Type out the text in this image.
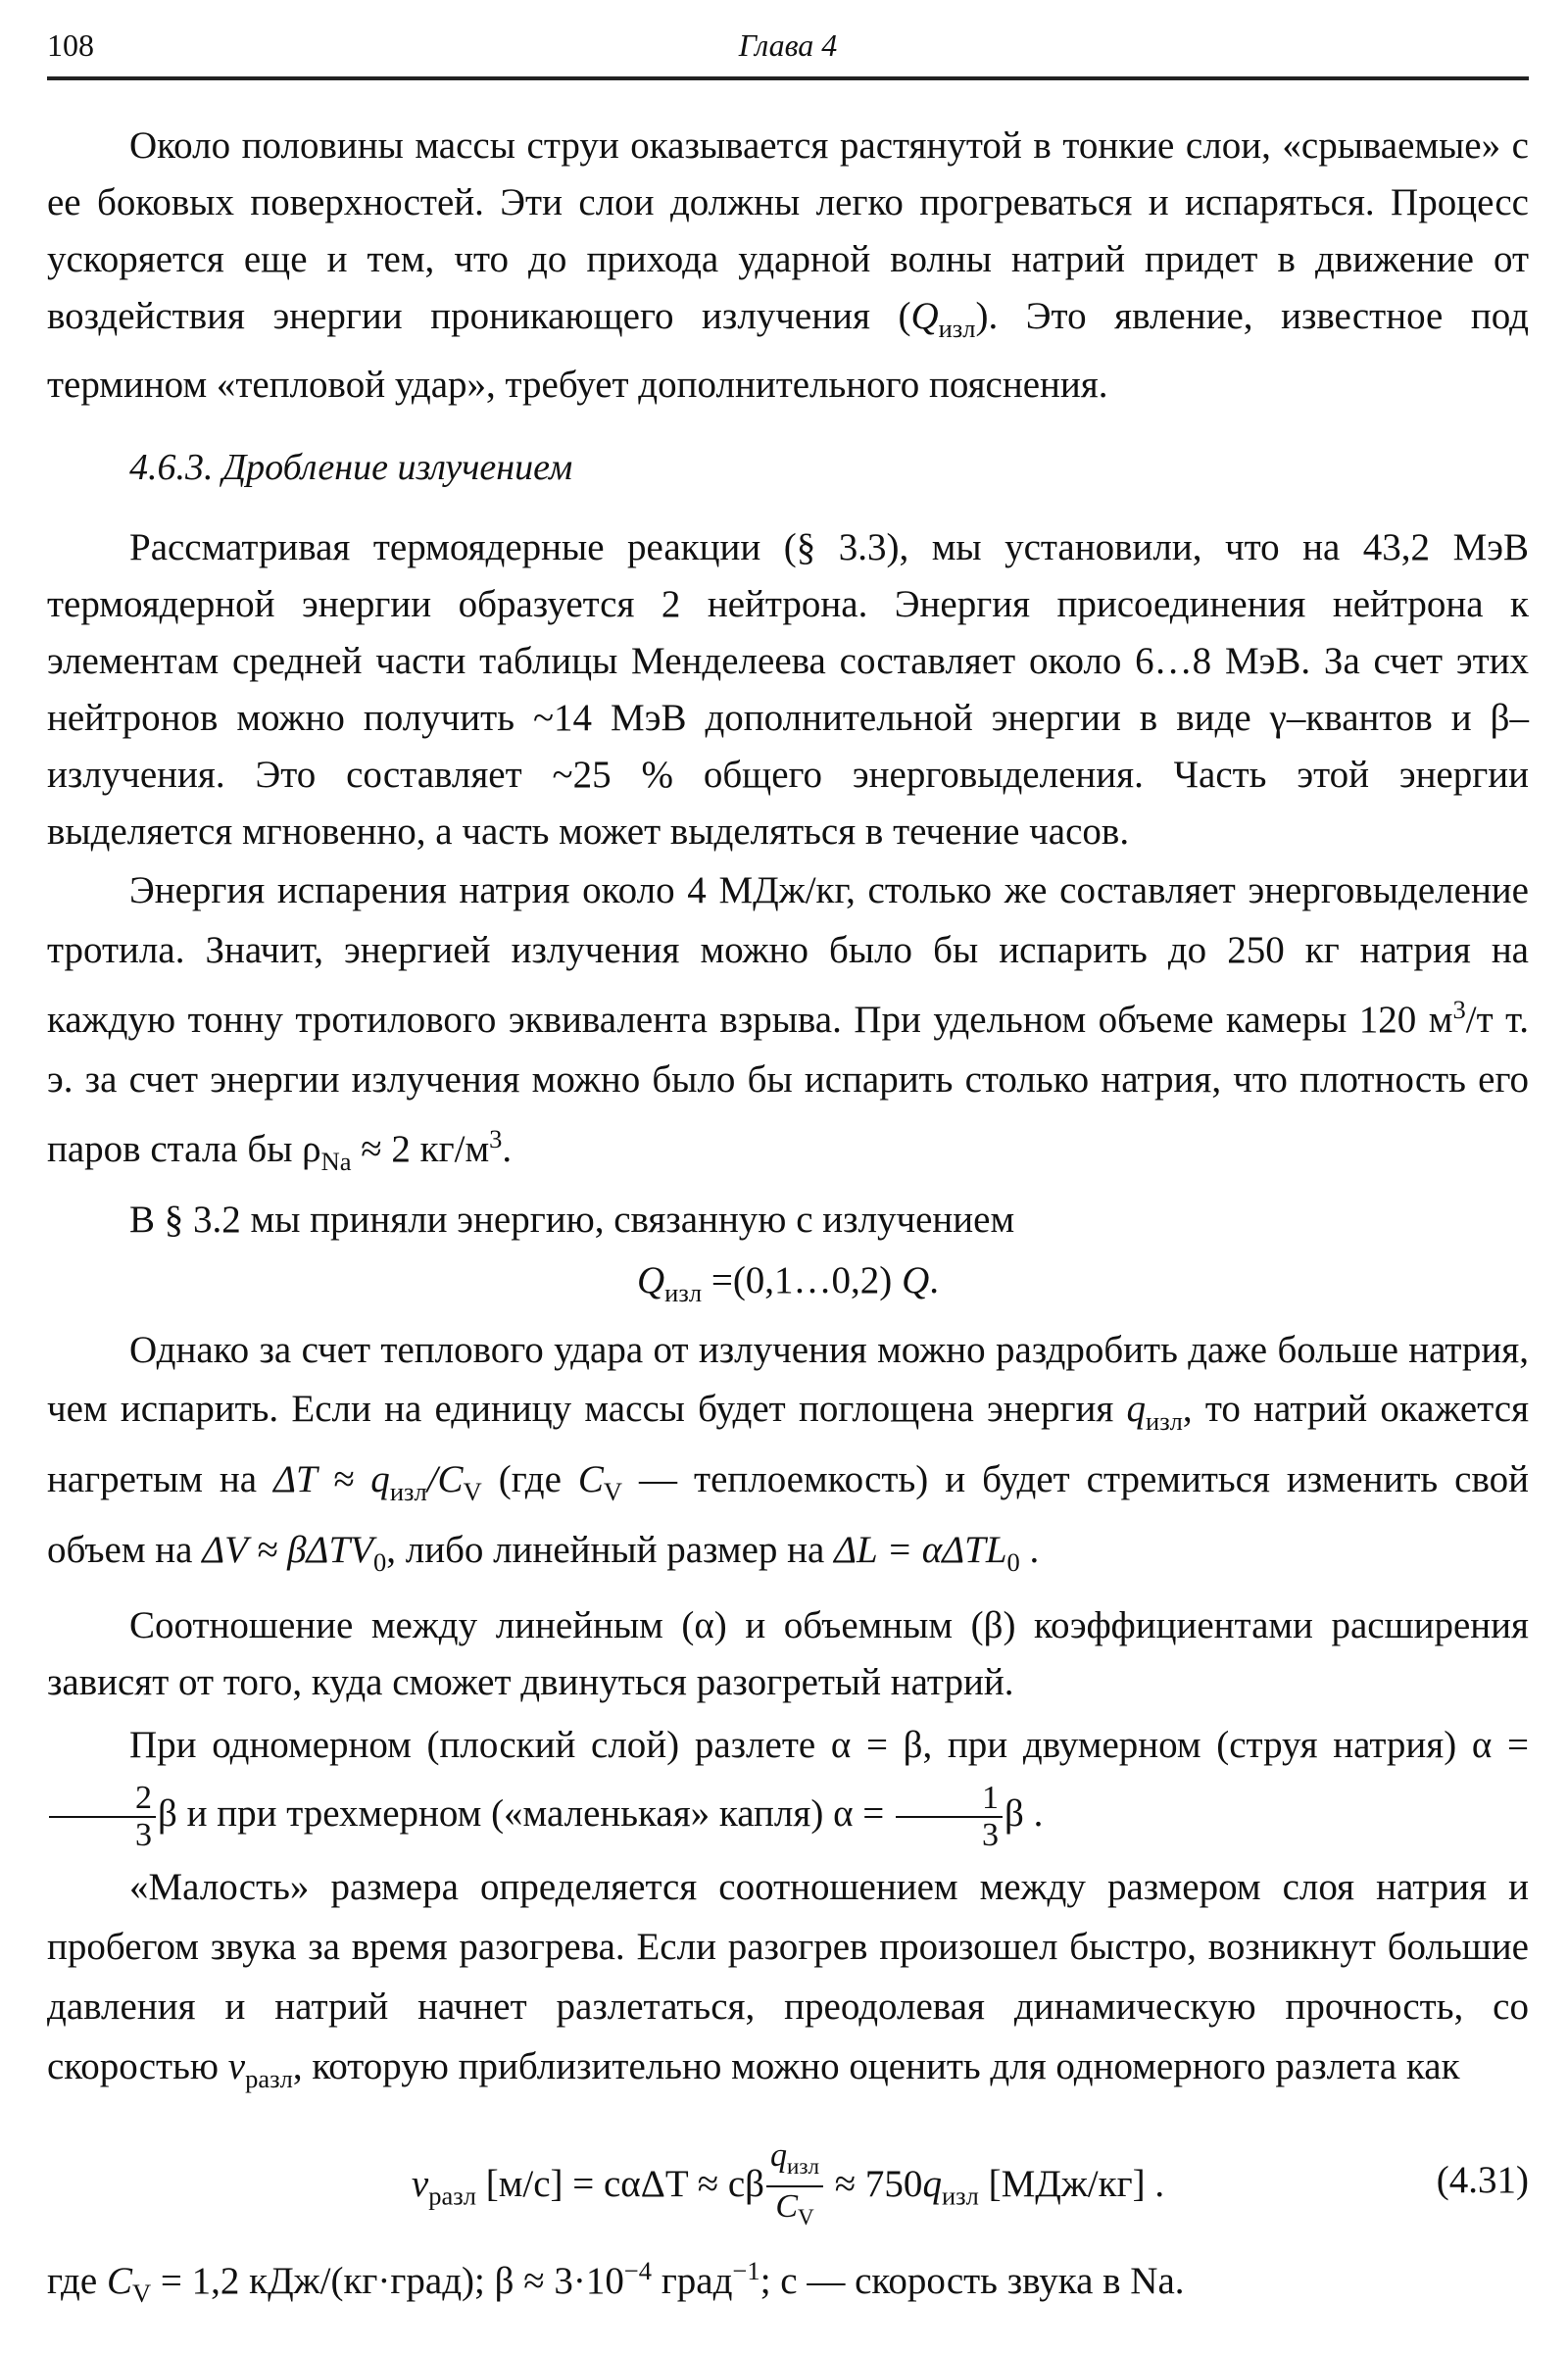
108	Глава 4

Около половины массы струи оказывается растянутой в тонкие слои, «срываемые» с ее боковых поверхностей. Эти слои должны легко прогреваться и испаряться. Процесс ускоряется еще и тем, что до прихода ударной волны натрий придет в движение от воздействия энергии проникающего излучения $(Q_{изл})$. Это явление, известное под термином «тепловой удар», требует дополнительного пояснения.

4.6.3. Дробление излучением

Рассматривая термоядерные реакции (§ 3.3), мы установили, что на 43,2 МэВ термоядерной энергии образуется 2 нейтрона. Энергия присоединения нейтрона к элементам средней части таблицы Менделеева составляет около 6…8 МэВ. За счет этих нейтронов можно получить ~14 МэВ дополнительной энергии в виде γ–квантов и β–излучения. Это составляет ~25 % общего энерговыделения. Часть этой энергии выделяется мгновенно, а часть может выделяться в течение часов.

Энергия испарения натрия около 4 МДж/кг, столько же составляет энерговыделение тротила. Значит, энергией излучения можно было бы испарить до 250 кг натрия на каждую тонну тротилового эквивалента взрыва. При удельном объеме камеры 120 $м^3/т$ т. э. за счет энергии излучения можно было бы испарить столько натрия, что плотность его паров стала бы $\rho_{Na} \approx 2$ $кг/м^3$.

В § 3.2 мы приняли энергию, связанную с излучением

$Q_{изл}$ =(0,1…0,2) Q.

Однако за счет теплового удара от излучения можно раздробить даже больше натрия, чем испарить. Если на единицу массы будет поглощена энергия $q_{изл}$, то натрий окажется нагретым на $\Delta T \approx q_{изл}/C_V$ (где $C_V$ — теплоемкость) и будет стремиться изменить свой объем на ΔV ≈ βΔTV$_0$, либо линейный размер на ΔL = αΔTL$_0$ .

Соотношение между линейным (α) и объемным (β) коэффициентами расширения зависят от того, куда сможет двинуться разогретый натрий.

При одномерном (плоский слой) разлете α = β, при двумерном (струя натрия) α =
$\frac{2}{3}$ β и при трехмерном («маленькая» капля) $\alpha = \frac{1}{3}$ β .

«Малость» размера определяется соотношением между размером слоя натрия и пробегом звука за время разогрева. Если разогрев произошел быстро, возникнут большие давления и натрий начнет разлетаться, преодолевая динамическую прочность, со скоростью $v_{разл}$, которую приблизительно можно оценить для одномерного разлета как

$v_{разл}$ [м/с] = cαΔT ≈ cβ $\frac{q_{изл}}{C_V} \approx 750q_{изл}$ [МДж/кг] .	(4.31)

где $C_V = 1,2$ кДж/(кг·град); $\beta \approx 3\cdot 10^{-4}$ град$^{-1}$; c — скорость звука в Na.
